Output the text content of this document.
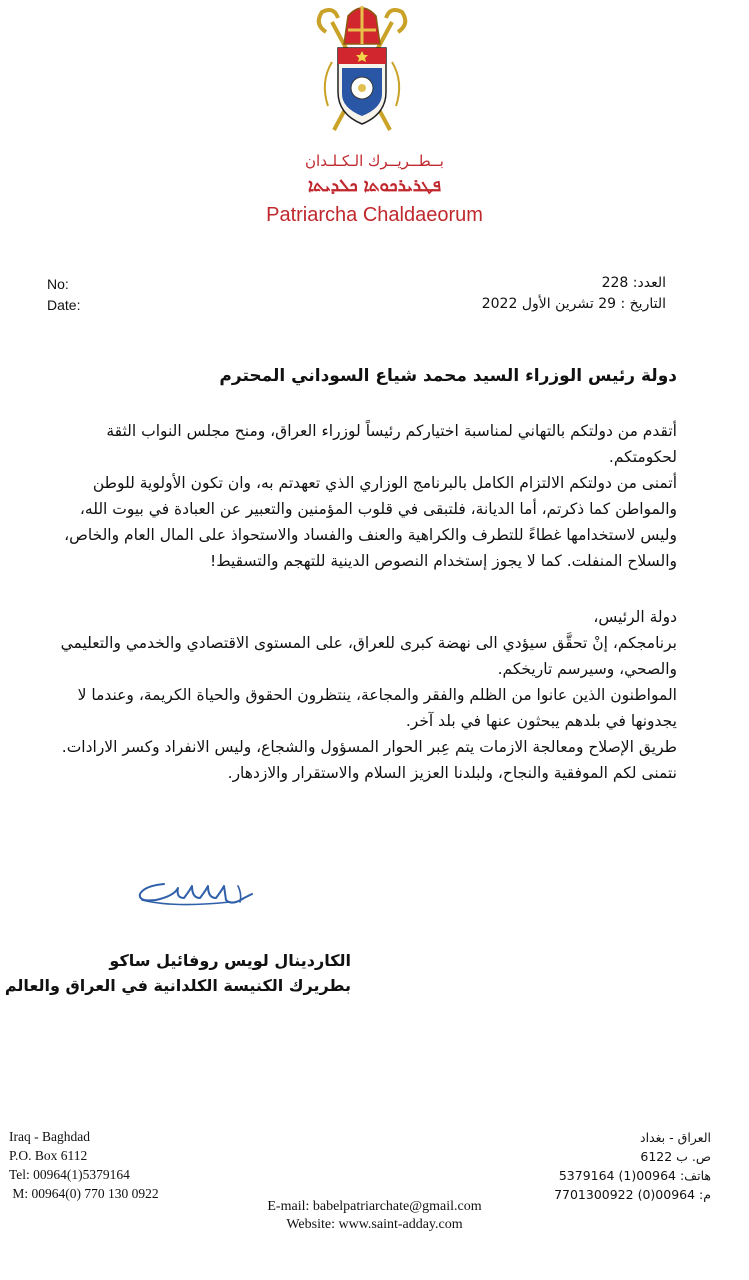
بــطــريــرك الـكـلـدان
ܦܛܪܝܪܟܘܬܐ ܟܠܕܝܬܐ
Patriarcha Chaldaeorum
No:
Date:
العدد: 228
التاريخ : 29 تشرين الأول 2022
دولة رئيس الوزراء السيد محمد شياع السوداني المحترم

أتقدم من دولتكم بالتهاني لمناسبة اختياركم رئيساً لوزراء العراق، ومنح مجلس النواب الثقة لحكومتكم.

أتمنى من دولتكم الالتزام الكامل بالبرنامج الوزاري الذي تعهدتم به، وان تكون الأولوية للوطن والمواطن كما ذكرتم، أما الديانة، فلتبقى في قلوب المؤمنين والتعبير عن العبادة في بيوت الله، وليس لاستخدامها غطاءً للتطرف والكراهية والعنف والفساد والاستحواذ على المال العام والخاص، والسلاح المنفلت. كما لا يجوز إستخدام النصوص الدينية للتهجم والتسقيط!

دولة الرئيس،

برنامجكم، إنْ تحقَّق سيؤدي الى نهضة كبرى للعراق، على المستوى الاقتصادي والخدمي والتعليمي والصحي، وسيرسم تاريخكم.

المواطنون الذين عانوا من الظلم والفقر والمجاعة، ينتظرون الحقوق والحياة الكريمة، وعندما لا يجدونها في بلدهم يبحثون عنها في بلد آخر.

طريق الإصلاح ومعالجة الازمات يتم عِبر الحوار المسؤول والشجاع، وليس الانفراد وكسر الارادات.

نتمنى لكم الموفقية والنجاح، ولبلدنا العزيز السلام والاستقرار والازدهار.

الكاردينال لويس روفائيل ساكو
بطريرك الكنيسة الكلدانية في العراق والعالم
Iraq - Baghdad
P.O. Box 6112
Tel: 00964(1)5379164
M: 00964(0) 770 130 0922
العراق - بغداد
ص. ب 6122
هاتف: 00964(1) 5379164
م: 00964(0) 7701300922
E-mail: babelpatriarchate@gmail.com
Website: www.saint-adday.com
